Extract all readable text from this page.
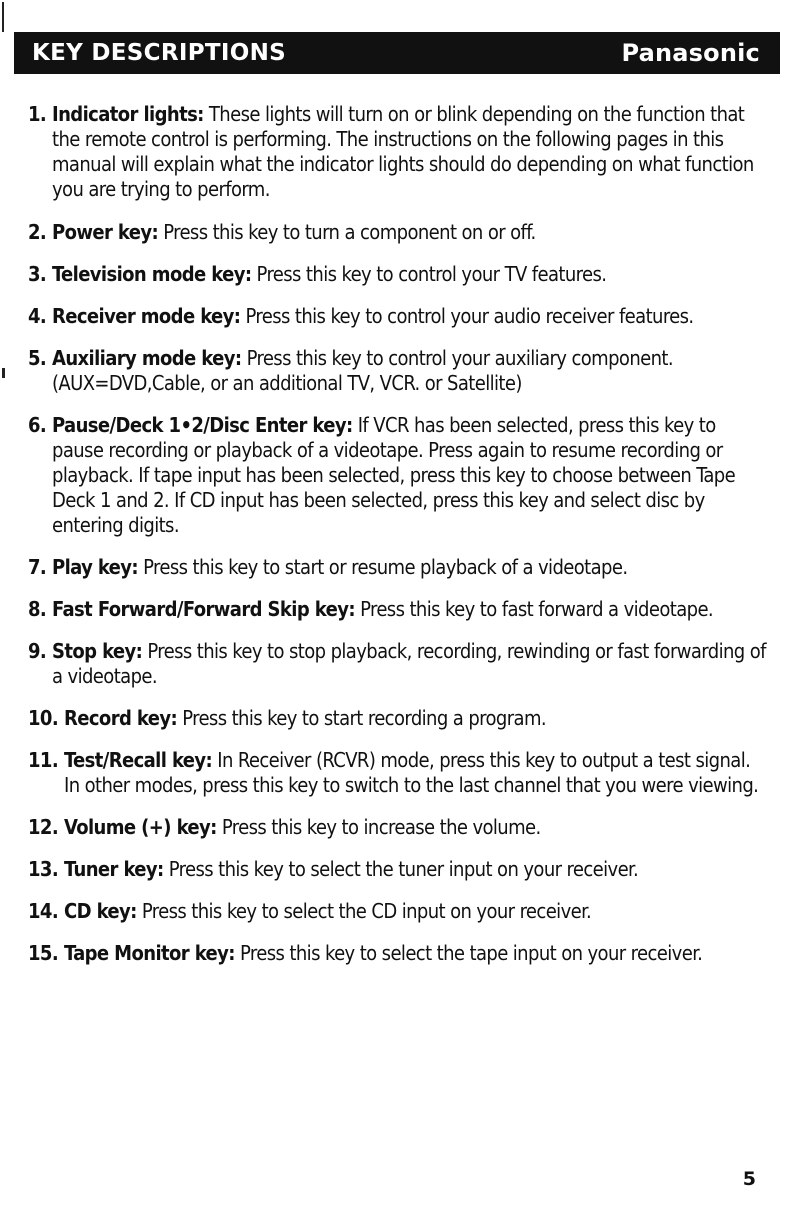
KEY DESCRIPTIONS	Panasonic
1. Indicator lights: These lights will turn on or blink depending on the function that the remote control is performing. The instructions on the following pages in this manual will explain what the indicator lights should do depending on what function you are trying to perform.
2. Power key: Press this key to turn a component on or off.
3. Television mode key: Press this key to control your TV features.
4. Receiver mode key: Press this key to control your audio receiver features.
5. Auxiliary mode key: Press this key to control your auxiliary component. (AUX=DVD,Cable, or an additional TV, VCR. or Satellite)
6. Pause/Deck 1•2/Disc Enter key: If VCR has been selected, press this key to pause recording or playback of a videotape. Press again to resume recording or playback. If tape input has been selected, press this key to choose between Tape Deck 1 and 2. If CD input has been selected, press this key and select disc by entering digits.
7. Play key: Press this key to start or resume playback of a videotape.
8. Fast Forward/Forward Skip key: Press this key to fast forward a videotape.
9. Stop key: Press this key to stop playback, recording, rewinding or fast forwarding of a videotape.
10. Record key: Press this key to start recording a program.
11. Test/Recall key: In Receiver (RCVR) mode, press this key to output a test signal. In other modes, press this key to switch to the last channel that you were viewing.
12. Volume (+) key: Press this key to increase the volume.
13. Tuner key: Press this key to select the tuner input on your receiver.
14. CD key: Press this key to select the CD input on your receiver.
15. Tape Monitor key: Press this key to select the tape input on your receiver.
5
